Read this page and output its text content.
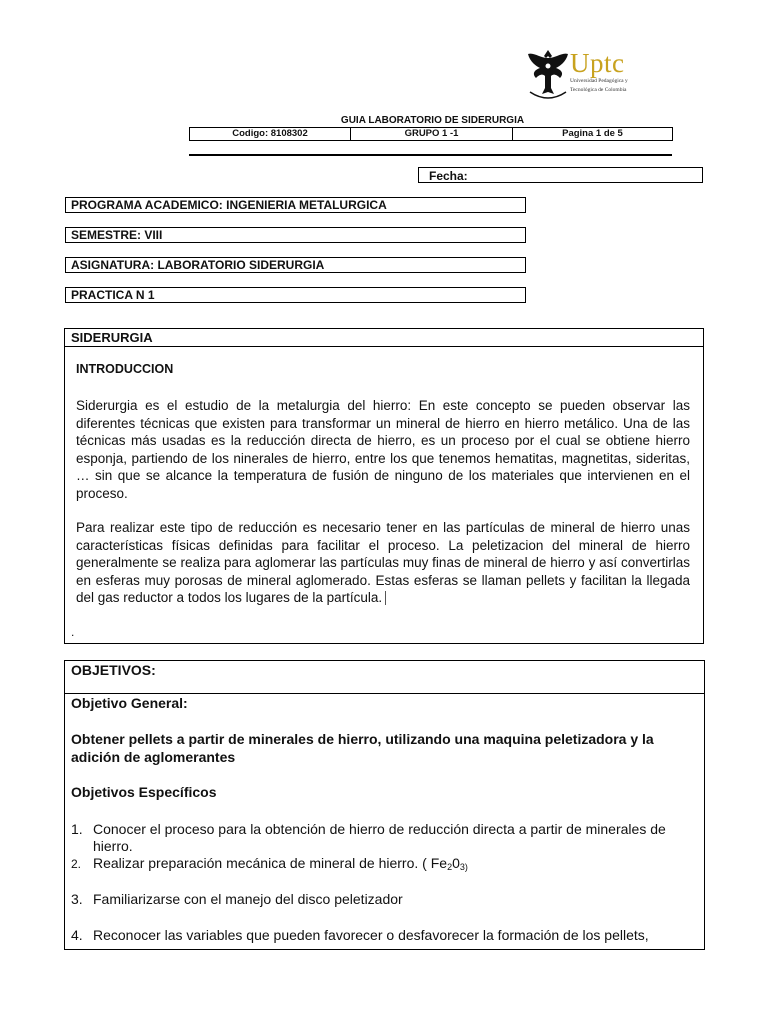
Uptc
Universidad Pedagógica y
Tecnológica de Colombia
GUIA LABORATORIO DE SIDERURGIA
Codigo: 8108302	GRUPO 1 -1	Pagina 1 de 5
Fecha:
PROGRAMA ACADEMICO: INGENIERIA METALURGICA
SEMESTRE: VIII
ASIGNATURA: LABORATORIO SIDERURGIA
PRACTICA N 1
SIDERURGIA
INTRODUCCION
Siderurgia es el estudio de la metalurgia del hierro: En este concepto se pueden observar las diferentes técnicas que existen para transformar un mineral de hierro en hierro metálico. Una de las técnicas más usadas es la reducción directa de hierro, es un proceso por el cual se obtiene hierro esponja, partiendo de los ninerales de hierro, entre los que tenemos hematitas, magnetitas, sideritas, … sin que se alcance la temperatura de fusión de ninguno de los materiales que intervienen en el proceso.
Para realizar este tipo de reducción es necesario tener en las partículas de mineral de hierro unas características físicas definidas para facilitar el proceso. La peletizacion del mineral de hierro generalmente se realiza para aglomerar las partículas muy finas de mineral de hierro y así convertirlas en esferas muy porosas de mineral aglomerado. Estas esferas se llaman pellets y facilitan la llegada del gas reductor a todos los lugares de la partícula.
.
OBJETIVOS:
Objetivo General:
Obtener pellets a partir de minerales de hierro, utilizando una maquina peletizadora y la adición de aglomerantes
Objetivos Específicos
1. Conocer el proceso para la obtención de hierro de reducción directa a partir de minerales de hierro.
2. Realizar preparación mecánica de mineral de hierro. ( $Fe_20_{3)}$
3. Familiarizarse con el manejo del disco peletizador
4. Reconocer las variables que pueden favorecer o desfavorecer la formación de los pellets,
